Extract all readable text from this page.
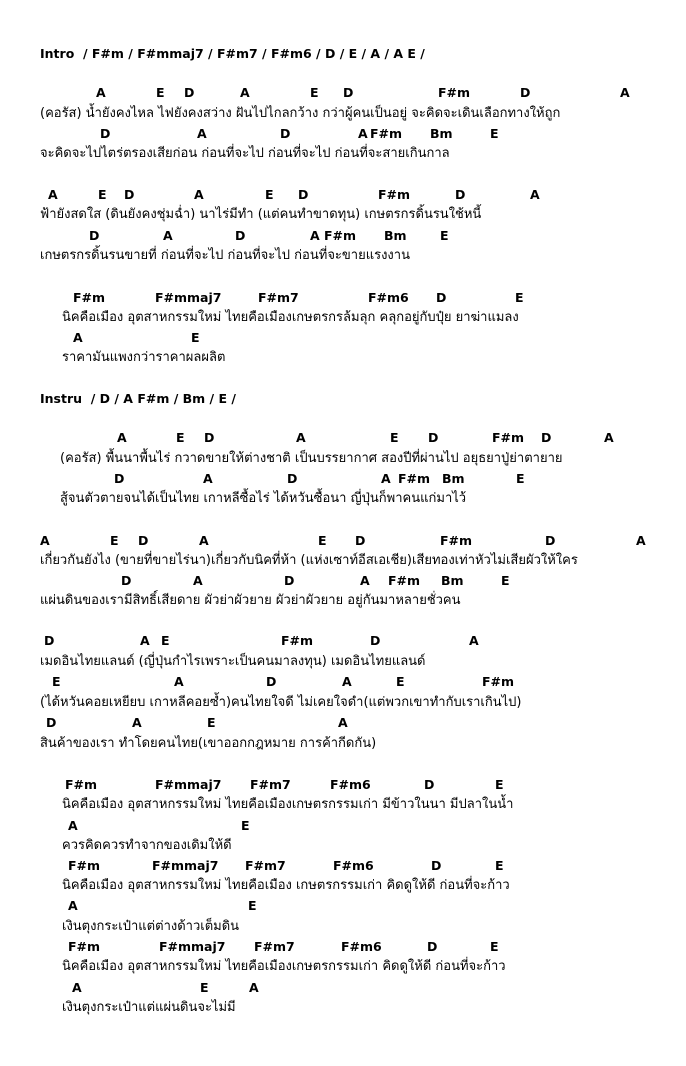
Intro  / F#m / F#mmaj7 / F#m7 / F#m6 / D / E / A / A E /
A	E D	A	E D	F#m	D	A
(คอรัส) น้ำยังคงไหล ไฟยังคงสว่าง ฝันไปไกลกว้าง กว่าผู้คนเป็นอยู่ จะคิดจะเดินเลือกทางให้ถูก
D	A	D	A F#m Bm	E
จะคิดจะไปไตร่ตรองเสียก่อน ก่อนที่จะไป ก่อนที่จะไป ก่อนที่จะสายเกินกาล
A	E D	A	E D	F#m	D	A
ฟ้ายังสดใส (ดินยังคงชุ่มฉ่ำ) นาไร่มีทำ (แต่คนทำขาดทุน) เกษตรกรดิ้นรนใช้หนี้
D	A	D	A F#m Bm	E
เกษตรกรดิ้นรนขายที่ ก่อนที่จะไป ก่อนที่จะไป ก่อนที่จะขายแรงงาน
F#m	F#mmaj7	F#m7	F#m6 D	E
นิคคือเมือง อุตสาหกรรมใหม่ ไทยคือเมืองเกษตรกรล้มลุก คลุกอยู่กับปุ๋ย ยาฆ่าแมลง
A	E
ราคามันแพงกว่าราคาผลผลิต
Instru  / D / A F#m / Bm / E /
A	E D	A	E D	F#m D	A
(คอรัส) พื้นนาพื้นไร่ กวาดขายให้ต่างชาติ เป็นบรรยากาศ สองปีที่ผ่านไป อยุธยาปู่ย่าตายาย
D	A	D	A F#m Bm	E
สู้จนตัวตายจนได้เป็นไทย เกาหลีซื้อไร่ ได้หวันซื้อนา ญี่ปุ่นก็พาคนแก่มาไว้
A	E D	A	E D	F#m	D	A
เกี่ยวกันยังไง (ขายที่ขายไร่นา)เกี่ยวกับนิคที่ห้า (แห่งเซาท์อีสเอเชีย)เสียทองเท่าหัวไม่เสียผัวให้ใคร
D	A	D	A F#m Bm	E
แผ่นดินของเรามีสิทธิ์เสียดาย ผัวย่าผัวยาย ผัวย่าผัวยาย อยู่กันมาหลายชั่วคน
D	A E	F#m	D	A
เมดอินไทยแลนด์ (ญี่ปุ่นกำไรเพราะเป็นคนมาลงทุน) เมดอินไทยแลนด์
E	A	D	A	E	F#m
(ได้หวันคอยเหยียบ เกาหลีคอยซ้ำ)คนไทยใจดี ไม่เคยใจดำ(แต่พวกเขาทำกับเราเกินไป)
D	A	E	A
สินค้าของเรา ทำโดยคนไทย(เขาออกกฎหมาย การค้ากีดกัน)
F#m	F#mmaj7 F#m7	F#m6	D	E
นิคคือเมือง อุตสาหกรรมใหม่ ไทยคือเมืองเกษตรกรรมเก่า มีข้าวในนา มีปลาในน้ำ
A	E
ควรคิดควรทำจากของเดิมให้ดี
F#m	F#mmaj7 F#m7	F#m6	D	E
นิคคือเมือง อุตสาหกรรมใหม่ ไทยคือเมือง เกษตรกรรมเก่า คิดดูให้ดี ก่อนที่จะก้าว
A	E
เงินตุงกระเป๋าแต่ต่างด้าวเต็มดิน
F#m	F#mmaj7 F#m7	F#m6	D	E
นิคคือเมือง อุตสาหกรรมใหม่ ไทยคือเมืองเกษตรกรรมเก่า คิดดูให้ดี ก่อนที่จะก้าว
A	E	A
เงินตุงกระเป๋าแต่แผ่นดินจะไม่มี
